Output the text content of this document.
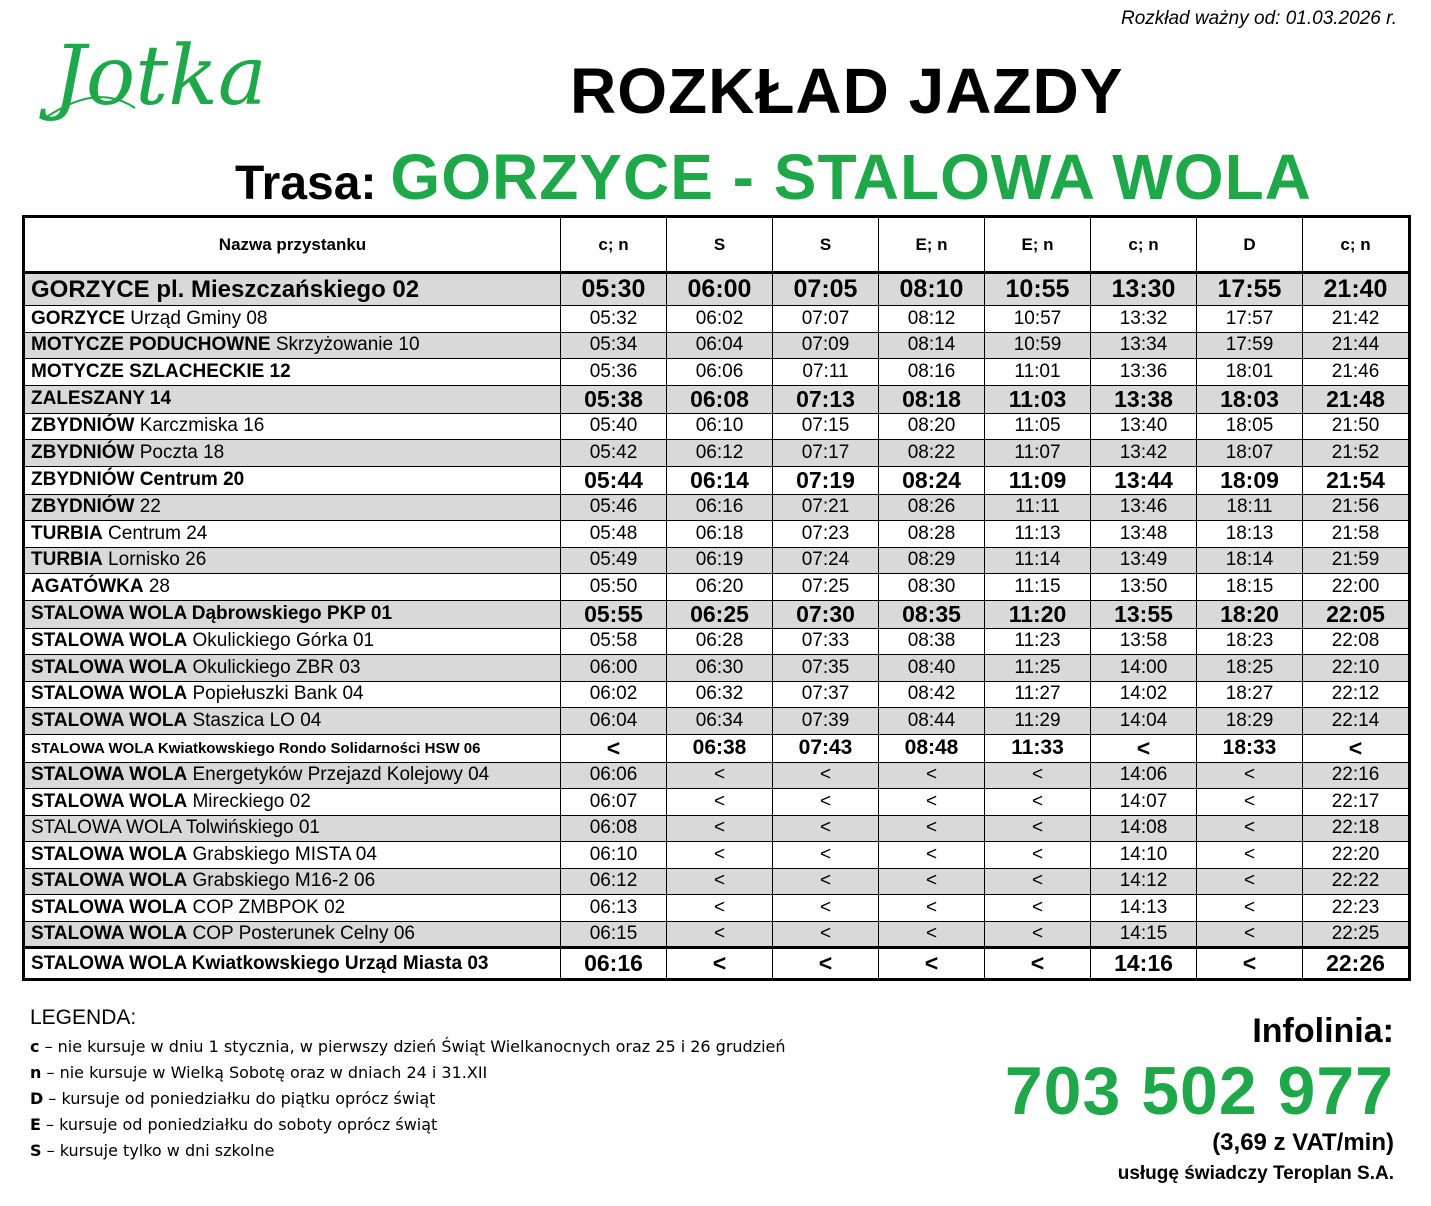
Rozkład ważny od: 01.03.2026 r.
Jotka	ROZKŁAD JAZDY
Trasa: GORZYCE - STALOWA WOLA
Nazwa przystanku	c; n	S	S	E; n	E; n	c; n	D	c; n
GORZYCE pl. Mieszczańskiego 02	05:30	06:00	07:05	08:10	10:55	13:30	17:55	21:40
GORZYCE Urząd Gminy 08	05:32	06:02	07:07	08:12	10:57	13:32	17:57	21:42
MOTYCZE PODUCHOWNE Skrzyżowanie 10	05:34	06:04	07:09	08:14	10:59	13:34	17:59	21:44
MOTYCZE SZLACHECKIE 12	05:36	06:06	07:11	08:16	11:01	13:36	18:01	21:46
ZALESZANY 14	05:38	06:08	07:13	08:18	11:03	13:38	18:03	21:48
ZBYDNIÓW Karczmiska 16	05:40	06:10	07:15	08:20	11:05	13:40	18:05	21:50
ZBYDNIÓW Poczta 18	05:42	06:12	07:17	08:22	11:07	13:42	18:07	21:52
ZBYDNIÓW Centrum 20	05:44	06:14	07:19	08:24	11:09	13:44	18:09	21:54
ZBYDNIÓW 22	05:46	06:16	07:21	08:26	11:11	13:46	18:11	21:56
TURBIA Centrum 24	05:48	06:18	07:23	08:28	11:13	13:48	18:13	21:58
TURBIA Lornisko 26	05:49	06:19	07:24	08:29	11:14	13:49	18:14	21:59
AGATÓWKA 28	05:50	06:20	07:25	08:30	11:15	13:50	18:15	22:00
STALOWA WOLA Dąbrowskiego PKP 01	05:55	06:25	07:30	08:35	11:20	13:55	18:20	22:05
STALOWA WOLA Okulickiego Górka 01	05:58	06:28	07:33	08:38	11:23	13:58	18:23	22:08
STALOWA WOLA Okulickiego ZBR 03	06:00	06:30	07:35	08:40	11:25	14:00	18:25	22:10
STALOWA WOLA Popiełuszki Bank 04	06:02	06:32	07:37	08:42	11:27	14:02	18:27	22:12
STALOWA WOLA Staszica LO 04	06:04	06:34	07:39	08:44	11:29	14:04	18:29	22:14
STALOWA WOLA Kwiatkowskiego Rondo Solidarności HSW 06	<	06:38	07:43	08:48	11:33	<	18:33	<
STALOWA WOLA Energetyków Przejazd Kolejowy 04	06:06	<	<	<	<	14:06	<	22:16
STALOWA WOLA Mireckiego 02	06:07	<	<	<	<	14:07	<	22:17
STALOWA WOLA Tolwińskiego 01	06:08	<	<	<	<	14:08	<	22:18
STALOWA WOLA Grabskiego MISTA 04	06:10	<	<	<	<	14:10	<	22:20
STALOWA WOLA Grabskiego M16-2 06	06:12	<	<	<	<	14:12	<	22:22
STALOWA WOLA COP ZMBPOK 02	06:13	<	<	<	<	14:13	<	22:23
STALOWA WOLA COP Posterunek Celny 06	06:15	<	<	<	<	14:15	<	22:25
STALOWA WOLA Kwiatkowskiego Urząd Miasta 03	06:16	<	<	<	<	14:16	<	22:26
LEGENDA:
c – nie kursuje w dniu 1 stycznia, w pierwszy dzień Świąt Wielkanocnych oraz 25 i 26 grudzień
n – nie kursuje w Wielką Sobotę oraz w dniach 24 i 31.XII
D – kursuje od poniedziałku do piątku oprócz świąt
E – kursuje od poniedziałku do soboty oprócz świąt
S – kursuje tylko w dni szkolne
Infolinia:
703 502 977
(3,69 z VAT/min)
usługę świadczy Teroplan S.A.
